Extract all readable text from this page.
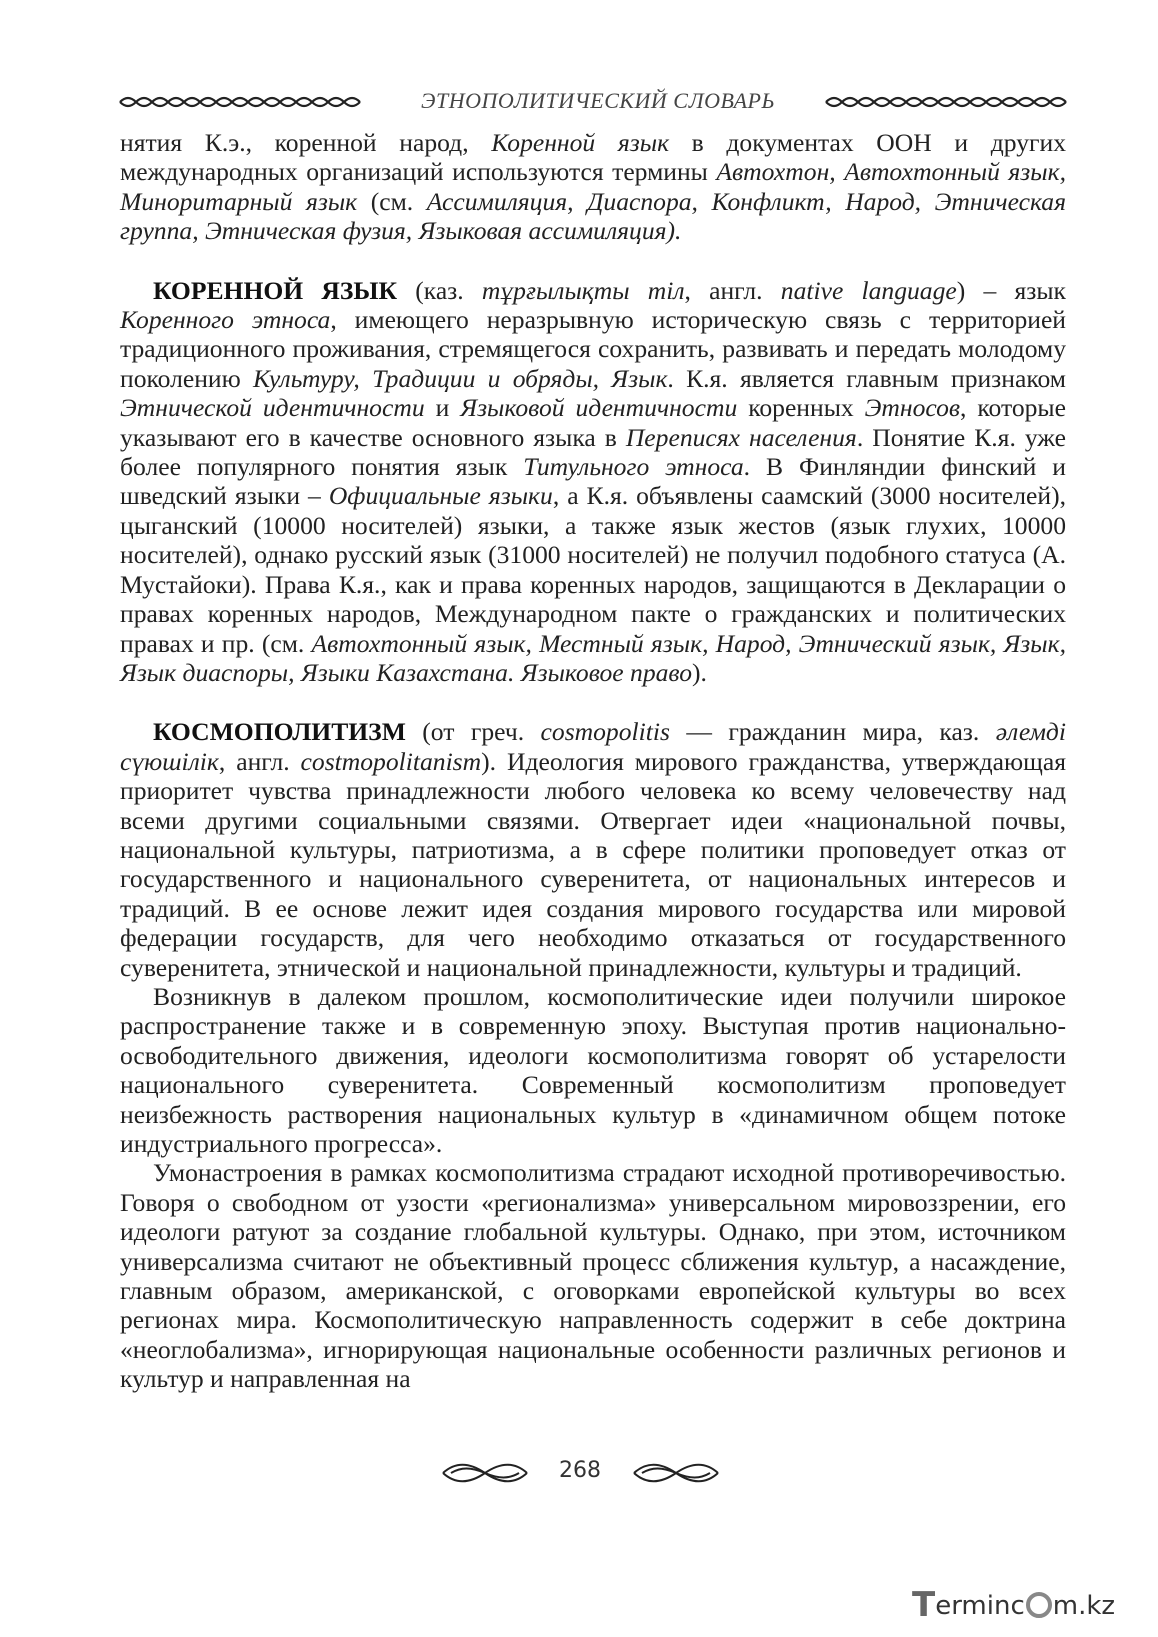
ЭТНОПОЛИТИЧЕСКИЙ СЛОВАРЬ

нятия К.э., коренной народ, Коренной язык в документах ООН и других международных организаций используются термины Автохтон, Автохтонный язык, Миноритарный язык (см. Ассимиляция, Диаспора, Конфликт, Народ, Этническая группа, Этническая фузия, Языковая ассимиляция).

КОРЕННОЙ ЯЗЫК (каз. тұрғылықты тіл, англ. native language) – язык Коренного этноса, имеющего неразрывную историческую связь с территорией традиционного проживания, стремящегося сохранить, развивать и передать молодому поколению Культуру, Традиции и обряды, Язык. К.я. является главным признаком Этнической идентичности и Языковой идентичности коренных Этносов, которые указывают его в качестве основного языка в Переписях населения. Понятие К.я. уже более популярного понятия язык Титульного этноса. В Финляндии финский и шведский языки – Официальные языки, а К.я. объявлены саамский (3000 носителей), цыганский (10000 носителей) языки, а также язык жестов (язык глухих, 10000 носителей), однако русский язык (31000 носителей) не получил подобного статуса (А. Мустайоки). Права К.я., как и права коренных народов, защищаются в Декларации о правах коренных народов, Международном пакте о гражданских и политических правах и пр. (см. Автохтонный язык, Местный язык, Народ, Этнический язык, Язык, Язык диаспоры, Языки Казахстана. Языковое право).

КОСМОПОЛИТИЗМ (от греч. cosmopolitis — гражданин мира, каз. әлемді сүюшілік, англ. costmopolitanism). Идеология мирового гражданства, утверждающая приоритет чувства принадлежности любого человека ко всему человечеству над всеми другими социальными связями. Отвергает идеи «национальной почвы, национальной культуры, патриотизма, а в сфере политики проповедует отказ от государственного и национального суверенитета, от национальных интересов и традиций. В ее основе лежит идея создания мирового государства или мировой федерации государств, для чего необходимо отказаться от государственного суверенитета, этнической и национальной принадлежности, культуры и традиций.

Возникнув в далеком прошлом, космополитические идеи получили широкое распространение также и в современную эпоху. Выступая против национально-освободительного движения, идеологи космополитизма говорят об устарелости национального суверенитета. Современный космополитизм проповедует неизбежность растворения национальных культур в «динамичном общем потоке индустриального прогресса».

Умонастроения в рамках космополитизма страдают исходной противоречивостью. Говоря о свободном от узости «регионализма» универсальном мировоззрении, его идеологи ратуют за создание глобальной культуры. Однако, при этом, источником универсализма считают не объективный процесс сближения культур, а насаждение, главным образом, американской, с оговорками европейской культуры во всех регионах мира. Космополитическую направленность содержит в себе доктрина «неоглобализма», игнорирующая национальные особенности различных регионов и культур и направленная на

268
Terminc m.kz
